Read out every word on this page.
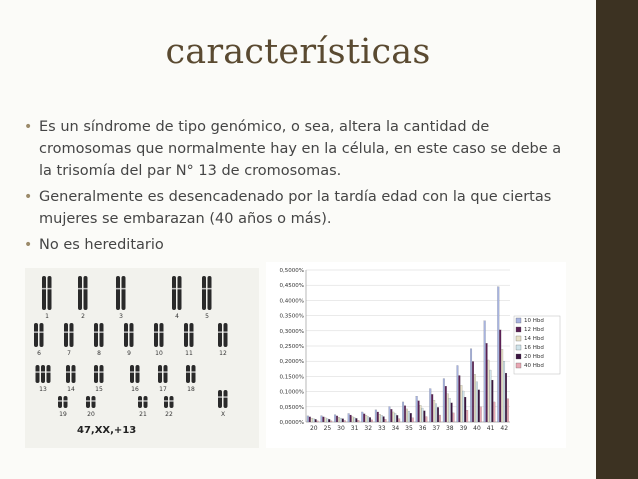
características
• Es un síndrome de tipo genómico, o sea, altera la cantidad de cromosomas que normalmente hay en la célula, en este caso se debe a la trisomía del par N° 13 de cromosomas.
• Generalmente es desencadenado por la tardía edad con la que ciertas mujeres se embarazan (40 años o más).
• No es hereditario
1	2	3	4	5
6	7	8	9	10	11	12
13	14	15	16	17	18
19	20	21	22	X
47,XX,+13
0,0000%
0,0500%
0,1000%
0,1500%
0,2000%
0,2500%
0,3000%
0,3500%
0,4000%
0,4500%
0,5000%
20 25 30 31 32 33 34 35 36 37 38 39 40 41 42
10 Hbd
12 Hbd
14 Hbd
16 Hbd
20 Hbd
40 Hbd
